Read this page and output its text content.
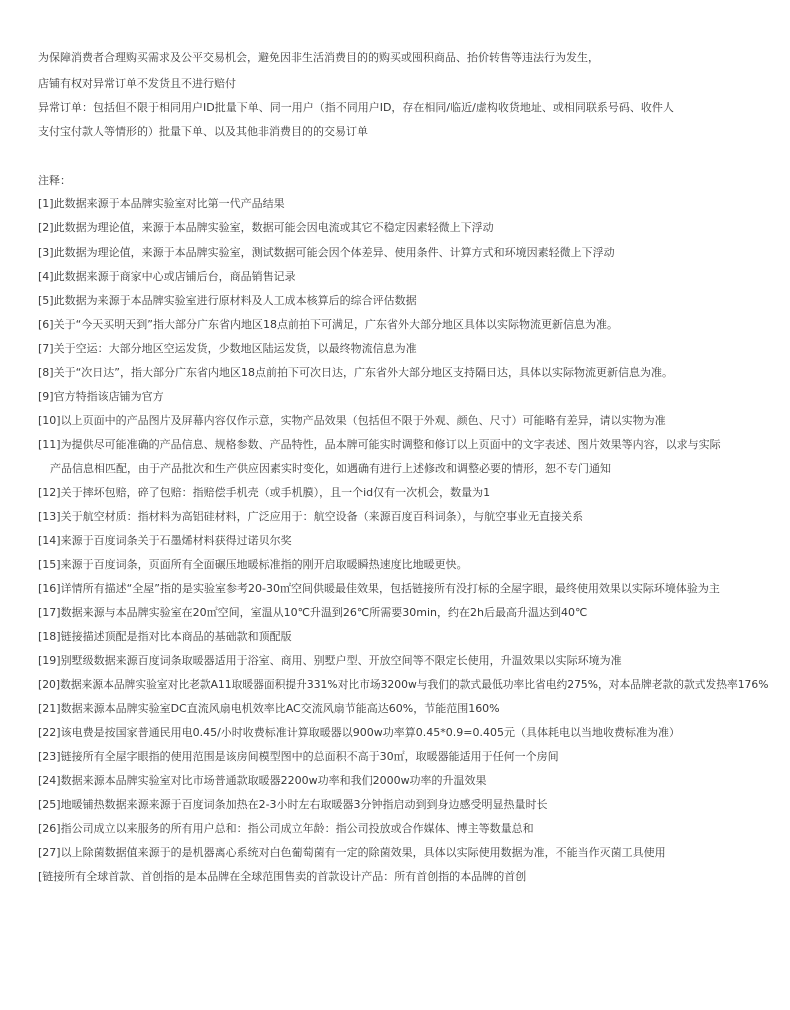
为保障消费者合理购买需求及公平交易机会，避免因非生活消费目的的购买或囤积商品、抬价转售等违法行为发生，
店铺有权对异常订单不发货且不进行赔付
异常订单：包括但不限于相同用户ID批量下单、同一用户（指不同用户ID，存在相同/临近/虚构收货地址、或相同联系号码、收件人
支付宝付款人等情形的）批量下单、以及其他非消费目的的交易订单
注释：
[1]此数据来源于本品牌实验室对比第一代产品结果
[2]此数据为理论值，来源于本品牌实验室，数据可能会因电流或其它不稳定因素轻微上下浮动
[3]此数据为理论值，来源于本品牌实验室，测试数据可能会因个体差异、使用条件、计算方式和环境因素轻微上下浮动
[4]此数据来源于商家中心或店铺后台，商品销售记录
[5]此数据为来源于本品牌实验室进行原材料及人工成本核算后的综合评估数据
[6]关于“今天买明天到”指大部分广东省内地区18点前拍下可满足，广东省外大部分地区具体以实际物流更新信息为准。
[7]关于空运：大部分地区空运发货，少数地区陆运发货，以最终物流信息为准
[8]关于“次日达”，指大部分广东省内地区18点前拍下可次日达，广东省外大部分地区支持隔日达，具体以实际物流更新信息为准。
[9]官方特指该店铺为官方
[10]以上页面中的产品图片及屏幕内容仅作示意，实物产品效果（包括但不限于外观、颜色、尺寸）可能略有差异，请以实物为准
[11]为提供尽可能准确的产品信息、规格参数、产品特性，品本牌可能实时调整和修订以上页面中的文字表述、图片效果等内容，以求与实际
产品信息相匹配，由于产品批次和生产供应因素实时变化，如遇确有进行上述修改和调整必要的情形，恕不专门通知
[12]关于摔坏包赔，碎了包赔：指赔偿手机壳（或手机膜），且一个id仅有一次机会，数量为1
[13]关于航空材质：指材料为高铝硅材料，广泛应用于：航空设备（来源百度百科词条），与航空事业无直接关系
[14]来源于百度词条关于石墨烯材料获得过诺贝尔奖
[15]来源于百度词条，页面所有全面碾压地暖标准指的刚开启取暖瞬热速度比地暖更快。
[16]详情所有描述“全屋”指的是实验室参考20-30㎡空间供暖最佳效果，包括链接所有没打标的全屋字眼，最终使用效果以实际环境体验为主
[17]数据来源与本品牌实验室在20㎡空间，室温从10℃升温到26℃所需要30min，约在2h后最高升温达到40℃
[18]链接描述顶配是指对比本商品的基础款和顶配版
[19]别墅级数据来源百度词条取暖器适用于浴室、商用、别墅户型、开放空间等不限定长使用，升温效果以实际环境为准
[20]数据来源本品牌实验室对比老款A11取暖器面积提升331%对比市场3200w与我们的款式最低功率比省电约275%，对本品牌老款的款式发热率176%
[21]数据来源本品牌实验室DC直流风扇电机效率比AC交流风扇节能高达60%，节能范围160%
[22]该电费是按国家普通民用电0.45/小时收费标准计算取暖器以900w功率算0.45*0.9=0.405元（具体耗电以当地收费标准为准）
[23]链接所有全屋字眼指的使用范围是该房间模型图中的总面积不高于30㎡，取暖器能适用于任何一个房间
[24]数据来源本品牌实验室对比市场普通款取暖器2200w功率和我们2000w功率的升温效果
[25]地暖铺热数据来源来源于百度词条加热在2-3小时左右取暖器3分钟指启动到到身边感受明显热量时长
[26]指公司成立以来服务的所有用户总和：指公司成立年龄：指公司投放或合作媒体、博主等数量总和
[27]以上除菌数据值来源于的是机器离心系统对白色葡萄菌有一定的除菌效果，具体以实际使用数据为准，不能当作灭菌工具使用
[链接所有全球首款、首创指的是本品牌在全球范围售卖的首款设计产品：所有首创指的本品牌的首创
